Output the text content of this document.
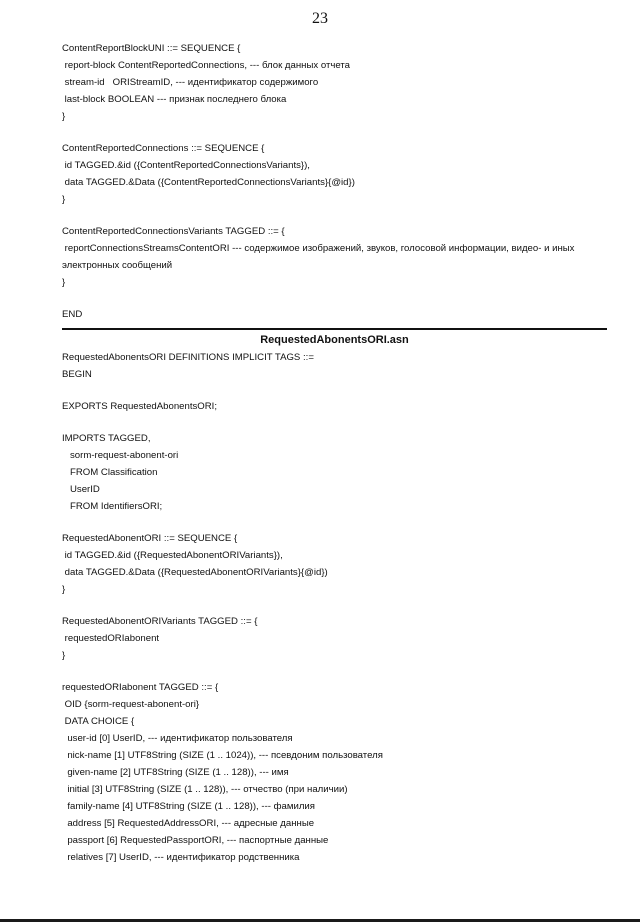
23
ContentReportBlockUNI ::= SEQUENCE {
report-block ContentReportedConnections, --- блок данных отчета
stream-id   ORIStreamID, --- идентификатор содержимого
last-block BOOLEAN --- признак последнего блока
}
ContentReportedConnections ::= SEQUENCE {
id TAGGED.&id ({ContentReportedConnectionsVariants}),
data TAGGED.&Data ({ContentReportedConnectionsVariants}{@id})
}
ContentReportedConnectionsVariants TAGGED ::= {
reportConnectionsStreamsContentORI --- содержимое изображений, звуков, голосовой информации, видео- и иных электронных сообщений
}
END
RequestedAbonentsORI.asn
RequestedAbonentsORI DEFINITIONS IMPLICIT TAGS ::=
BEGIN
EXPORTS RequestedAbonentsORI;
IMPORTS TAGGED,
sorm-request-abonent-ori
FROM Classification
UserID
FROM IdentifiersORI;
RequestedAbonentORI ::= SEQUENCE {
id TAGGED.&id ({RequestedAbonentORIVariants}),
data TAGGED.&Data ({RequestedAbonentORIVariants}{@id})
}
RequestedAbonentORIVariants TAGGED ::= {
requestedORIabonent
}
requestedORIabonent TAGGED ::= {
OID {sorm-request-abonent-ori}
DATA CHOICE {
user-id [0] UserID, --- идентификатор пользователя
nick-name [1] UTF8String (SIZE (1 .. 1024)), --- псевдоним пользователя
given-name [2] UTF8String (SIZE (1 .. 128)), --- имя
initial [3] UTF8String (SIZE (1 .. 128)), --- отчество (при наличии)
family-name [4] UTF8String (SIZE (1 .. 128)), --- фамилия
address [5] RequestedAddressORI, --- адресные данные
passport [6] RequestedPassportORI, --- паспортные данные
relatives [7] UserID, --- идентификатор родственника
